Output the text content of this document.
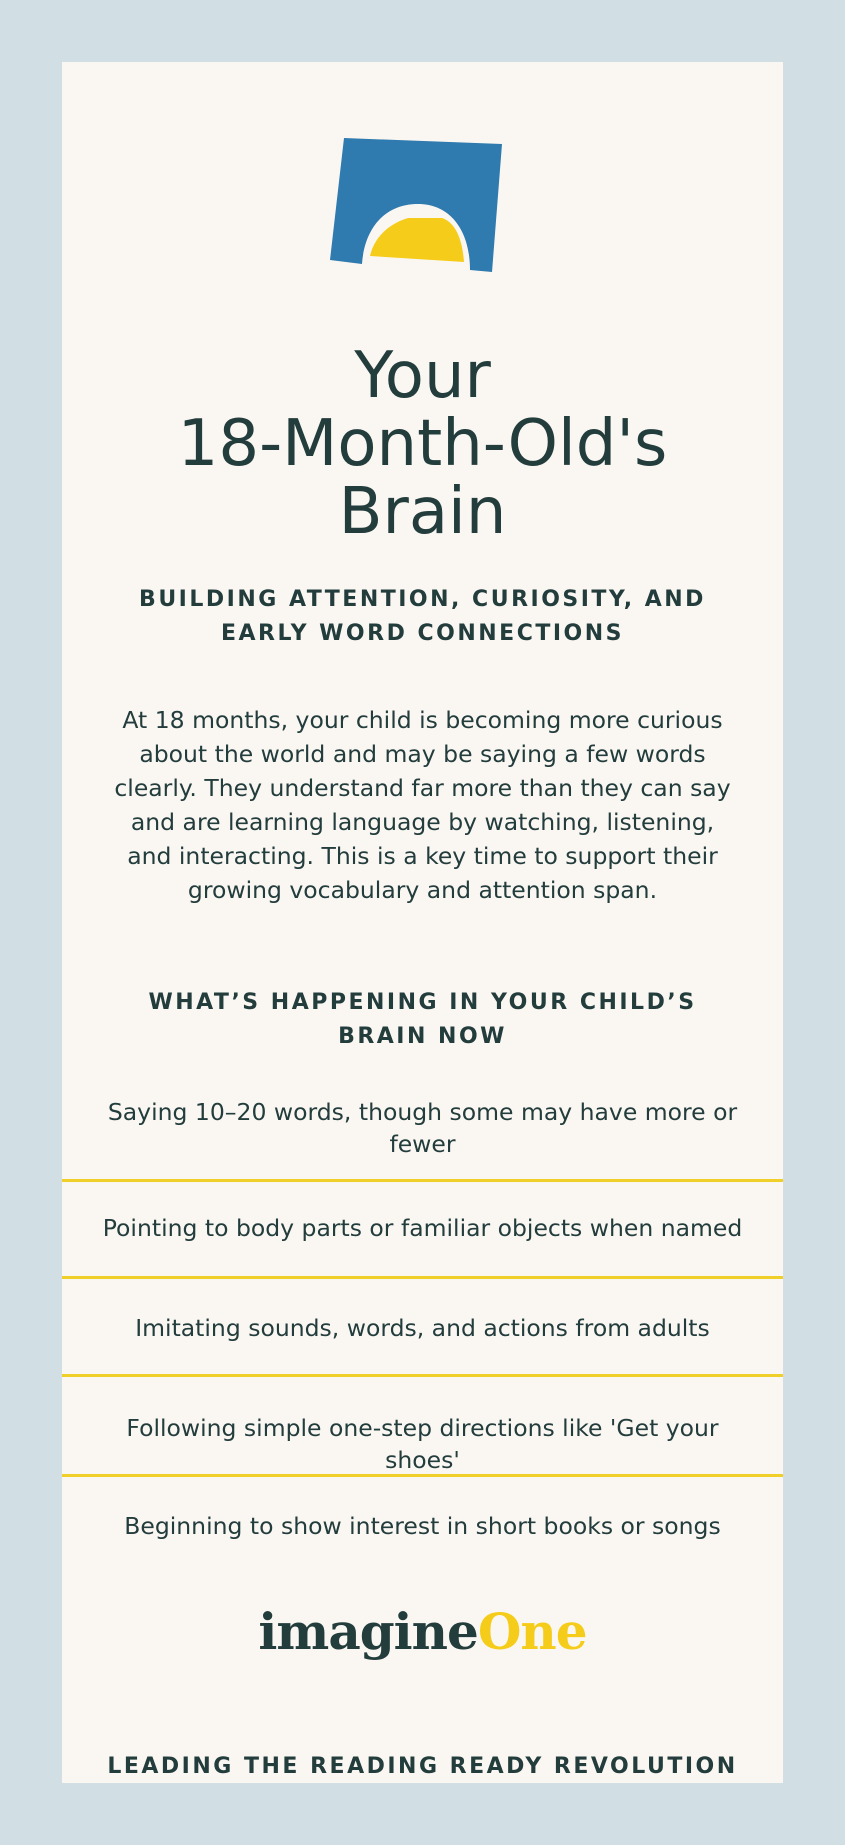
Your
18-Month-Old's
Brain

BUILDING ATTENTION, CURIOSITY, AND EARLY WORD CONNECTIONS

At 18 months, your child is becoming more curious about the world and may be saying a few words clearly. They understand far more than they can say and are learning language by watching, listening, and interacting. This is a key time to support their growing vocabulary and attention span.

WHAT’S HAPPENING IN YOUR CHILD’S BRAIN NOW
Saying 10–20 words, though some may have more or fewer
Pointing to body parts or familiar objects when named
Imitating sounds, words, and actions from adults
Following simple one-step directions like 'Get your shoes'
Beginning to show interest in short books or songs
imagineOne
LEADING THE READING READY REVOLUTION
